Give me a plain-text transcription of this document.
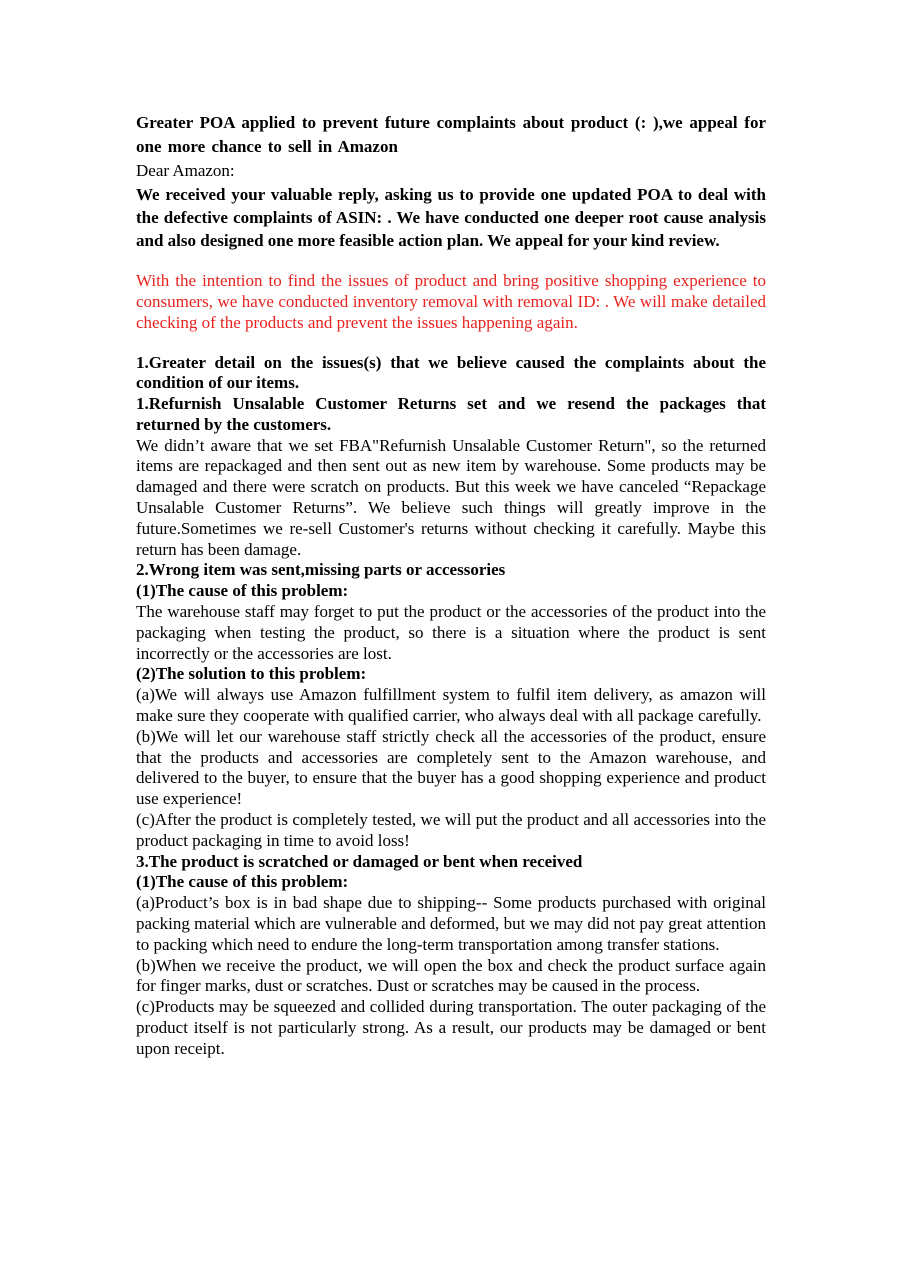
Greater POA applied to prevent future complaints about product (: ),we appeal for one more chance to sell in Amazon

Dear Amazon:

We received your valuable reply, asking us to provide one updated POA to deal with the defective complaints of ASIN: . We have conducted one deeper root cause analysis and also designed one more feasible action plan. We appeal for your kind review.

With the intention to find the issues of product and bring positive shopping experience to consumers, we have conducted inventory removal with removal ID: . We will make detailed checking of the products and prevent the issues happening again.

1.Greater detail on the issues(s) that we believe caused the complaints about the condition of our items.

1.Refurnish Unsalable Customer Returns set and we resend the packages that returned by the customers.

We didn’t aware that we set FBA"Refurnish Unsalable Customer Return", so the returned items are repackaged and then sent out as new item by warehouse. Some products may be damaged and there were scratch on products. But this week we have canceled “Repackage Unsalable Customer Returns”. We believe such things will greatly improve in the future.Sometimes we re-sell Customer's returns without checking it carefully. Maybe this return has been damage.

2.Wrong item was sent,missing parts or accessories

(1)The cause of this problem:

The warehouse staff may forget to put the product or the accessories of the product into the packaging when testing the product, so there is a situation where the product is sent incorrectly or the accessories are lost.

(2)The solution to this problem:

(a)We will always use Amazon fulfillment system to fulfil item delivery, as amazon will make sure they cooperate with qualified carrier, who always deal with all package carefully.

(b)We will let our warehouse staff strictly check all the accessories of the product, ensure that the products and accessories are completely sent to the Amazon warehouse, and delivered to the buyer, to ensure that the buyer has a good shopping experience and product use experience!

(c)After the product is completely tested, we will put the product and all accessories into the product packaging in time to avoid loss!

3.The product is scratched or damaged or bent when received

(1)The cause of this problem:

(a)Product’s box is in bad shape due to shipping-- Some products purchased with original packing material which are vulnerable and deformed, but we may did not pay great attention to packing which need to endure the long-term transportation among transfer stations.

(b)When we receive the product, we will open the box and check the product surface again for finger marks, dust or scratches. Dust or scratches may be caused in the process.

(c)Products may be squeezed and collided during transportation. The outer packaging of the product itself is not particularly strong. As a result, our products may be damaged or bent upon receipt.
